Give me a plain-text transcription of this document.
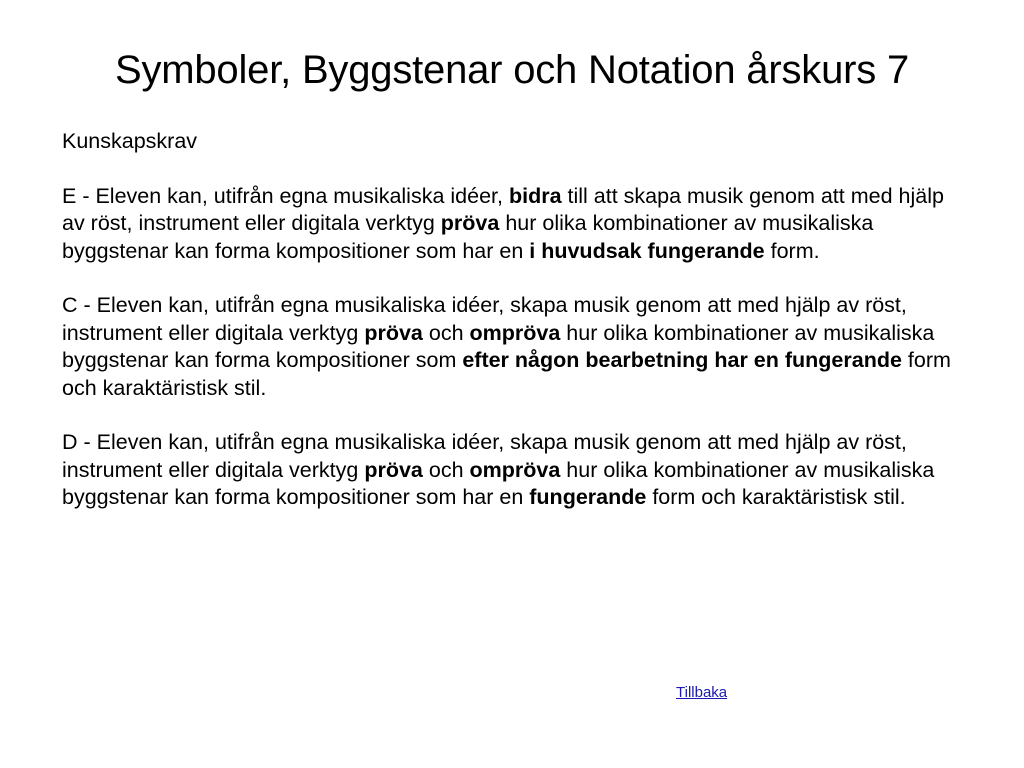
Symboler, Byggstenar och Notation årskurs 7
Kunskapskrav
E - Eleven kan, utifrån egna musikaliska idéer, bidra till att skapa musik genom att med hjälp av röst, instrument eller digitala verktyg pröva hur olika kombinationer av musikaliska byggstenar kan forma kompositioner som har en i huvudsak fungerande form.
C - Eleven kan, utifrån egna musikaliska idéer, skapa musik genom att med hjälp av röst, instrument eller digitala verktyg pröva och ompröva hur olika kombinationer av musikaliska byggstenar kan forma kompositioner som efter någon bearbetning har en fungerande form och karaktäristisk stil.
D - Eleven kan, utifrån egna musikaliska idéer, skapa musik genom att med hjälp av röst, instrument eller digitala verktyg pröva och ompröva hur olika kombinationer av musikaliska byggstenar kan forma kompositioner som har en fungerande form och karaktäristisk stil.
Tillbaka
